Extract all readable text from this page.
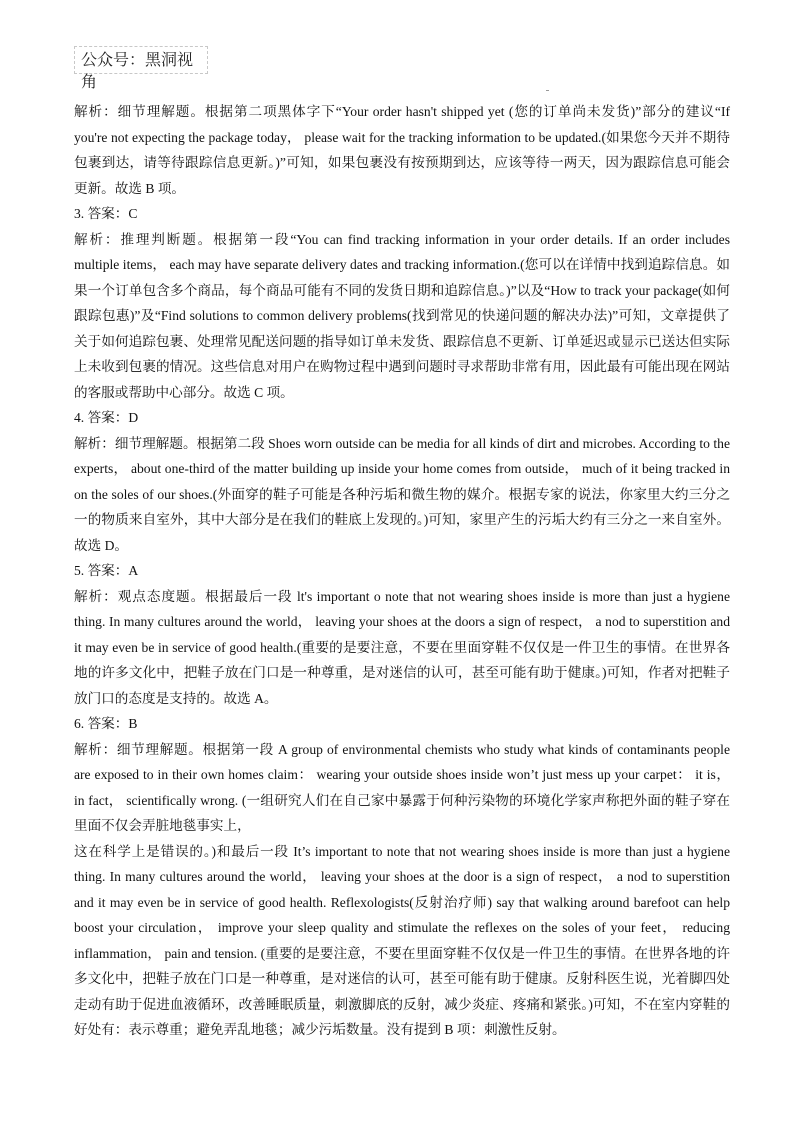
公众号：黑洞视角

解析：细节理解题。根据第二项黑体字下“Your order hasn't shipped yet (您的订单尚未发货)”部分的建议“If you're not expecting the package today， please wait for the tracking information to be updated.(如果您今天并不期待包裹到达，请等待跟踪信息更新。)”可知，如果包裹没有按预期到达，应该等待一两天，因为跟踪信息可能会更新。故选 B 项。

3. 答案：C

解析：推理判断题。根据第一段“You can find tracking information in your order details. If an order includes multiple items， each may have separate delivery dates and tracking information.(您可以在详情中找到追踪信息。如果一个订单包含多个商品，每个商品可能有不同的发货日期和追踪信息。)”以及“How to track your package(如何跟踪包惠)”及“Find solutions to common delivery problems(找到常见的快递问题的解决办法)”可知，文章提供了关于如何追踪包裹、处理常见配送问题的指导如订单未发货、跟踪信息不更新、订单延迟或显示已送达但实际上未收到包裹的情况。这些信息对用户在购物过程中遇到问题时寻求帮助非常有用，因此最有可能出现在网站的客服或帮助中心部分。故选 C 项。

4. 答案：D

解析：细节理解题。根据第二段 Shoes worn outside can be media for all kinds of dirt and microbes. According to the experts， about one-third of the matter building up inside your home comes from outside， much of it being tracked in on the soles of our shoes.(外面穿的鞋子可能是各种污垢和微生物的媒介。根据专家的说法，你家里大约三分之一的物质来自室外，其中大部分是在我们的鞋底上发现的。)可知，家里产生的污垢大约有三分之一来自室外。故选 D。

5. 答案：A

解析：观点态度题。根据最后一段 lt's important o note that not wearing shoes inside is more than just a hygiene thing. In many cultures around the world， leaving your shoes at the doors a sign of respect， a nod to superstition and it may even be in service of good health.(重要的是要注意，不要在里面穿鞋不仅仅是一件卫生的事情。在世界各地的许多文化中，把鞋子放在门口是一种尊重，是对迷信的认可，甚至可能有助于健康。)可知，作者对把鞋子放门口的态度是支持的。故选 A。

6. 答案：B

解析：细节理解题。根据第一段 A group of environmental chemists who study what kinds of contaminants people are exposed to in their own homes claim： wearing your outside shoes inside won’t just mess up your carpet： it is， in fact， scientifically wrong. (一组研究人们在自己家中暴露于何种污染物的环境化学家声称把外面的鞋子穿在里面不仅会弄脏地毯事实上，

这在科学上是错误的。)和最后一段 It’s important to note that not wearing shoes inside is more than just a hygiene thing. In many cultures around the world， leaving your shoes at the door is a sign of respect， a nod to superstition and it may even be in service of good health. Reflexologists(反射治疗师) say that walking around barefoot can help boost your circulation， improve your sleep quality and stimulate the reflexes on the soles of your feet， reducing inflammation， pain and tension. (重要的是要注意，不要在里面穿鞋不仅仅是一件卫生的事情。在世界各地的许多文化中，把鞋子放在门口是一种尊重，是对迷信的认可，甚至可能有助于健康。反射科医生说，光着脚四处走动有助于促进血液循环，改善睡眠质量，刺激脚底的反射，减少炎症、疼痛和紧张。)可知，不在室内穿鞋的好处有：表示尊重；避免弄乱地毯；减少污垢数量。没有提到 B 项：刺激性反射。
